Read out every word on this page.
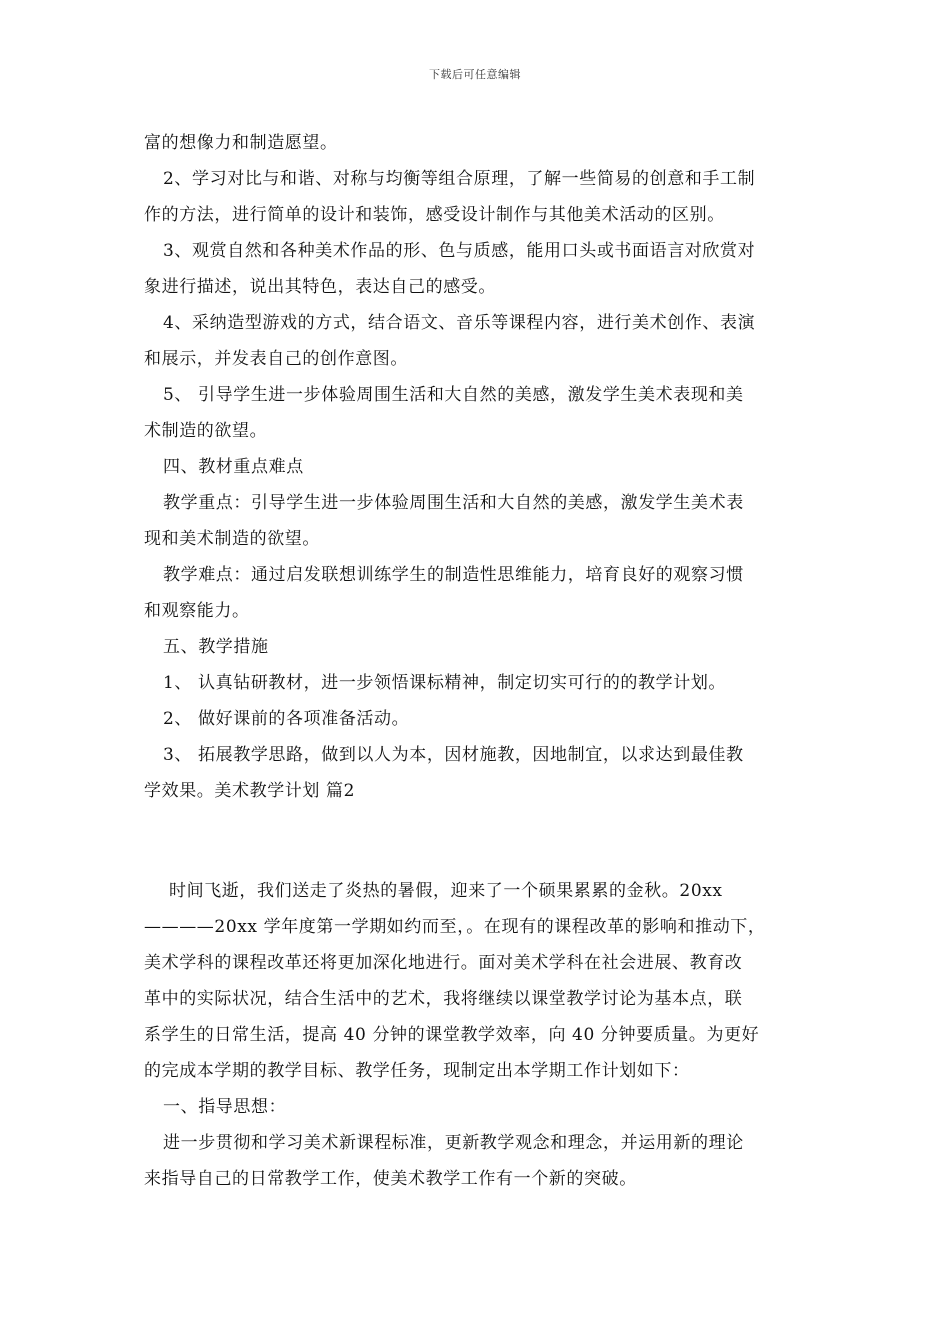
下载后可任意编辑
富的想像力和制造愿望。
2、学习对比与和谐、对称与均衡等组合原理，了解一些简易的创意和手工制
作的方法，进行简单的设计和装饰，感受设计制作与其他美术活动的区别。
3、观赏自然和各种美术作品的形、色与质感，能用口头或书面语言对欣赏对
象进行描述，说出其特色，表达自己的感受。
4、采纳造型游戏的方式，结合语文、音乐等课程内容，进行美术创作、表演
和展示，并发表自己的创作意图。
5、 引导学生进一步体验周围生活和大自然的美感，激发学生美术表现和美
术制造的欲望。
四、教材重点难点
教学重点：引导学生进一步体验周围生活和大自然的美感，激发学生美术表
现和美术制造的欲望。
教学难点：通过启发联想训练学生的制造性思维能力，培育良好的观察习惯
和观察能力。
五、教学措施
1、 认真钻研教材，进一步领悟课标精神，制定切实可行的的教学计划。
2、 做好课前的各项准备活动。
3、 拓展教学思路，做到以人为本，因材施教，因地制宜，以求达到最佳教
学效果。美术教学计划 篇2
时间飞逝，我们送走了炎热的暑假，迎来了一个硕果累累的金秋。20xx
————20xx 学年度第一学期如约而至，。在现有的课程改革的影响和推动下，
美术学科的课程改革还将更加深化地进行。面对美术学科在社会进展、教育改
革中的实际状况，结合生活中的艺术，我将继续以课堂教学讨论为基本点，联
系学生的日常生活，提高 40 分钟的课堂教学效率，向 40 分钟要质量。为更好
的完成本学期的教学目标、教学任务，现制定出本学期工作计划如下：
一、指导思想：
进一步贯彻和学习美术新课程标准，更新教学观念和理念，并运用新的理论
来指导自己的日常教学工作，使美术教学工作有一个新的突破。
